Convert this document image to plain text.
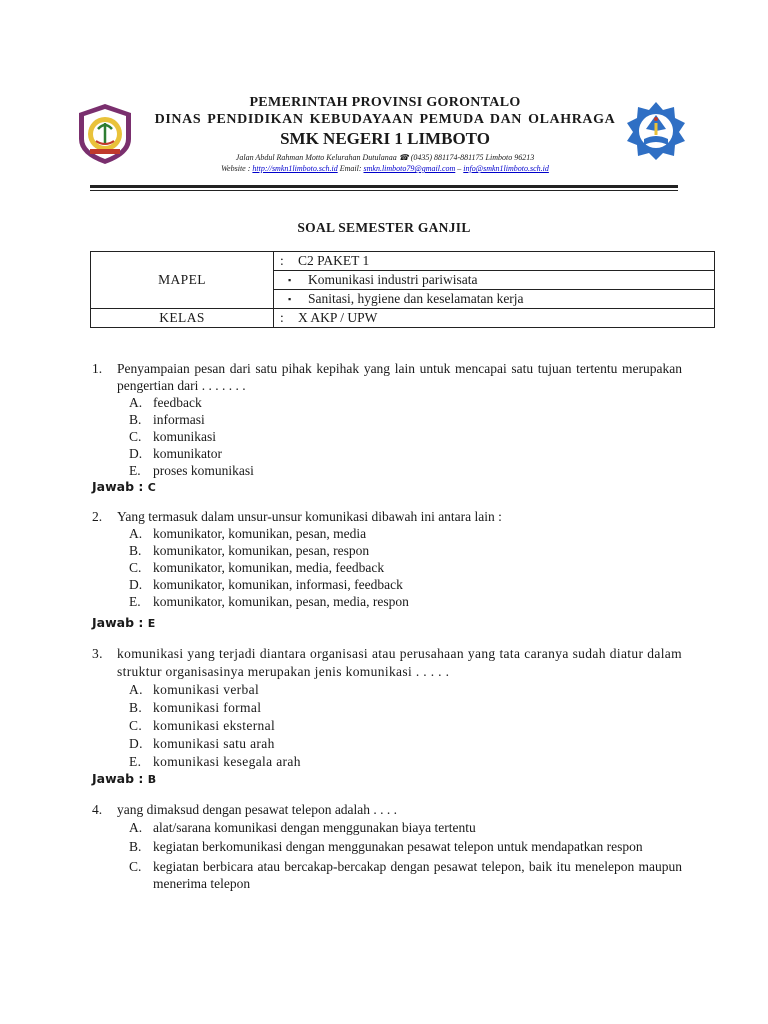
PEMERINTAH PROVINSI GORONTALO
DINAS PENDIDIKAN KEBUDAYAAN PEMUDA DAN OLAHRAGA
SMK NEGERI 1 LIMBOTO
Jalan Abdul Rahman Motto Kelurahan Dutulanaa ☎ (0435) 881174-881175 Limboto 96213
Website : http://smkn1limboto.sch.id Email: smkn.limboto79@gmail.com – info@smkn1limboto.sch.id
SOAL SEMESTER GANJIL
MAPEL	: C2 PAKET 1
	▪ Komunikasi industri pariwisata
	▪ Sanitasi, hygiene dan keselamatan kerja
KELAS	: X AKP / UPW
1.	Penyampaian pesan dari satu pihak kepihak yang lain untuk mencapai satu tujuan tertentu merupakan pengertian dari . . . . . . .
A. feedback
B. informasi
C. komunikasi
D. komunikator
E. proses komunikasi
Jawab : C
2.	Yang termasuk dalam unsur-unsur komunikasi dibawah ini antara lain :
A. komunikator, komunikan, pesan, media
B. komunikator, komunikan, pesan, respon
C. komunikator, komunikan, media, feedback
D. komunikator, komunikan, informasi, feedback
E. komunikator, komunikan, pesan, media, respon
Jawab : E
3.	komunikasi yang terjadi diantara organisasi atau perusahaan yang tata caranya sudah diatur dalam struktur organisasinya merupakan jenis komunikasi . . . . .
A. komunikasi verbal
B. komunikasi formal
C. komunikasi eksternal
D. komunikasi satu arah
E. komunikasi kesegala arah
Jawab : B
4.	yang dimaksud dengan pesawat telepon adalah . . . .
A. alat/sarana komunikasi dengan menggunakan biaya tertentu
B. kegiatan berkomunikasi dengan menggunakan pesawat telepon untuk mendapatkan respon
C. kegiatan berbicara atau bercakap-bercakap dengan pesawat telepon, baik itu menelepon maupun menerima telepon
